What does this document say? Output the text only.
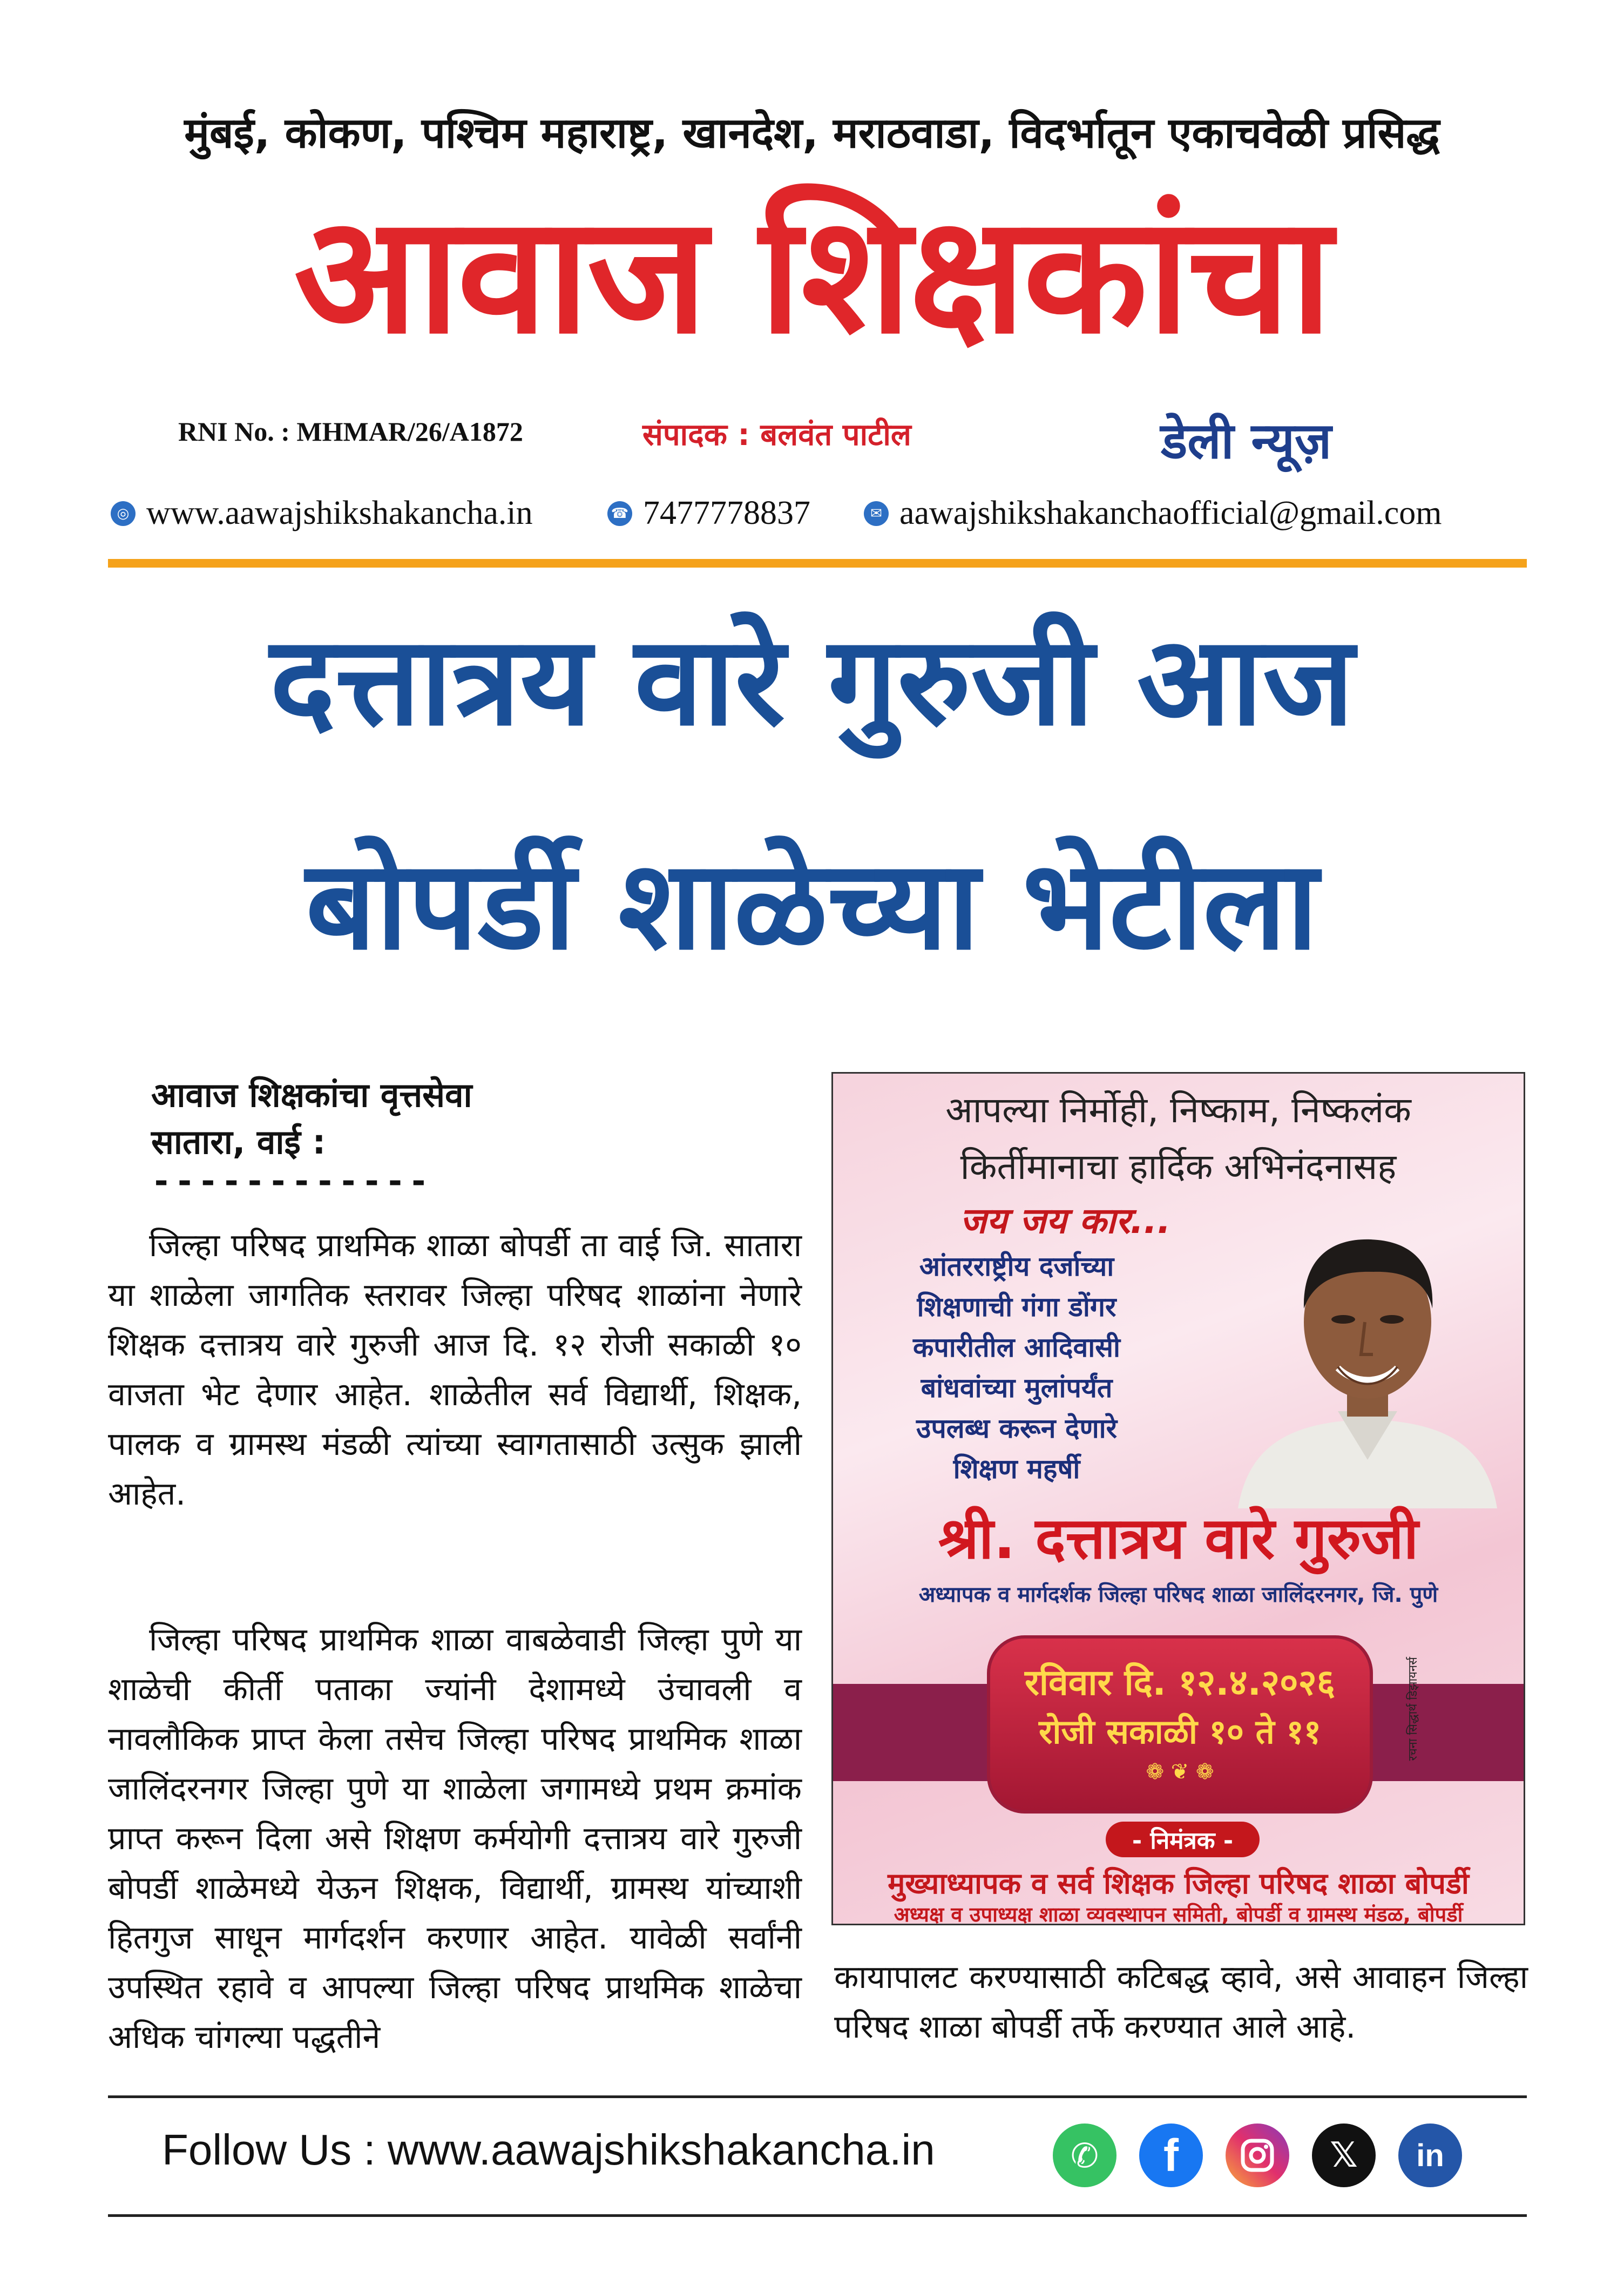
मुंबई, कोकण, पश्चिम महाराष्ट्र, खानदेश, मराठवाडा, विदर्भातून एकाचवेळी प्रसिद्ध
आवाज शिक्षकांचा
RNI No. : MHMAR/26/A1872	संपादक : बलवंत पाटील	डेली न्यूज़
◎ www.aawajshikshakancha.in	☎ 7477778837	✉ aawajshikshakanchaofficial@gmail.com
दत्तात्रय वारे गुरुजी आज
बोपर्डी शाळेच्या भेटीला
आवाज शिक्षकांचा वृत्तसेवा
सातारा, वाई :
------------

जिल्हा परिषद प्राथमिक शाळा बोपर्डी ता वाई जि. सातारा या शाळेला जागतिक स्तरावर जिल्हा परिषद शाळांना नेणारे शिक्षक दत्तात्रय वारे गुरुजी आज दि. १२ रोजी सकाळी १० वाजता भेट देणार आहेत. शाळेतील सर्व विद्यार्थी, शिक्षक, पालक व ग्रामस्थ मंडळी त्यांच्या स्वागतासाठी उत्सुक झाली आहेत.

जिल्हा परिषद प्राथमिक शाळा वाबळेवाडी जिल्हा पुणे या शाळेची कीर्ती पताका ज्यांनी देशामध्ये उंचावली व नावलौकिक प्राप्त केला तसेच जिल्हा परिषद प्राथमिक शाळा जालिंदरनगर जिल्हा पुणे या शाळेला जगामध्ये प्रथम क्रमांक प्राप्त करून दिला असे शिक्षण कर्मयोगी दत्तात्रय वारे गुरुजी बोपर्डी शाळेमध्ये येऊन शिक्षक, विद्यार्थी, ग्रामस्थ यांच्याशी हितगुज साधून मार्गदर्शन करणार आहेत. यावेळी सर्वांनी उपस्थित रहावे व आपल्या जिल्हा परिषद प्राथमिक शाळेचा अधिक चांगल्या पद्धतीने

कायापालट करण्यासाठी कटिबद्ध व्हावे, असे आवाहन जिल्हा परिषद शाळा बोपर्डी तर्फे करण्यात आले आहे.

आपल्या निर्मोही, निष्काम, निष्कलंक
किर्तीमानाचा हार्दिक अभिनंदनासह
जय जय कार...
आंतरराष्ट्रीय दर्जाच्या
शिक्षणाची गंगा डोंगर
कपारीतील आदिवासी
बांधवांच्या मुलांपर्यंत
उपलब्ध करून देणारे
शिक्षण महर्षी
श्री. दत्तात्रय वारे गुरुजी
अध्यापक व मार्गदर्शक जिल्हा परिषद शाळा जालिंदरनगर, जि. पुणे
रविवार दि. १२.४.२०२६
रोजी सकाळी १० ते ११
❁ ❦ ❁
रचना सिद्धार्थ डिझायनर्स
- निमंत्रक -
मुख्याध्यापक व सर्व शिक्षक जिल्हा परिषद शाळा बोपर्डी
अध्यक्ष व उपाध्यक्ष शाळा व्यवस्थापन समिती, बोपर्डी व ग्रामस्थ मंडळ, बोपर्डी
Follow Us : www.aawajshikshakancha.in	✆	f	𝕏	in
